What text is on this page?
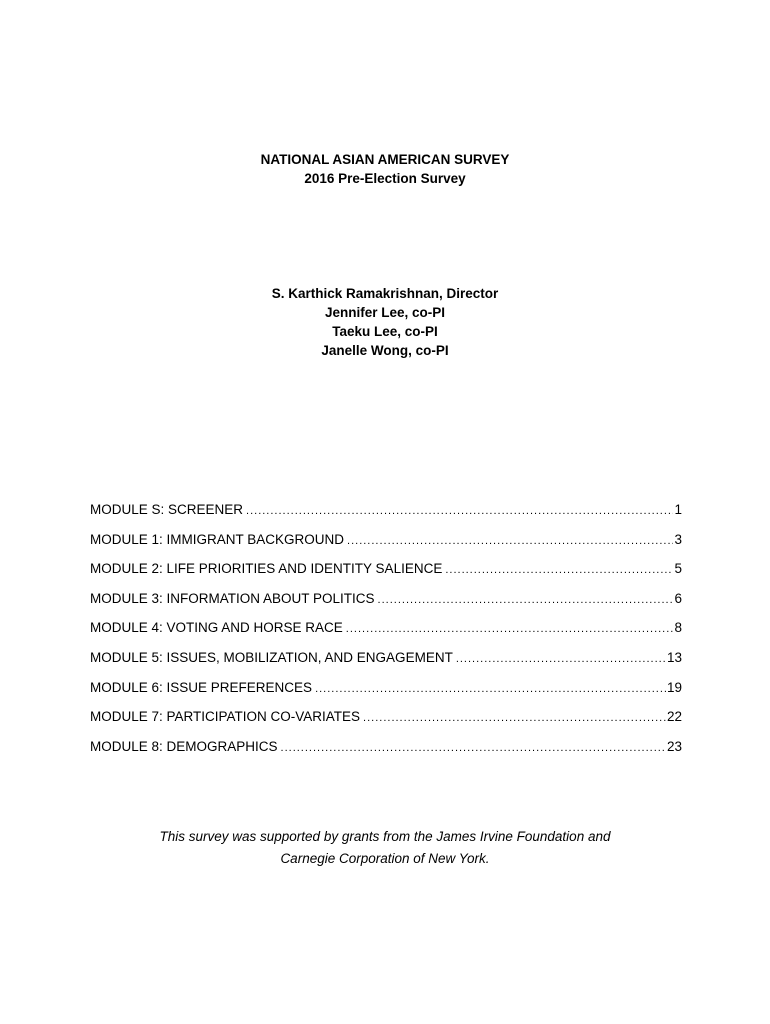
NATIONAL ASIAN AMERICAN SURVEY
2016 Pre-Election Survey
S. Karthick Ramakrishnan, Director
Jennifer Lee, co-PI
Taeku Lee, co-PI
Janelle Wong, co-PI
MODULE S: SCREENER .....	1
MODULE 1: IMMIGRANT BACKGROUND .....	3
MODULE 2: LIFE PRIORITIES AND IDENTITY SALIENCE .....	5
MODULE 3: INFORMATION ABOUT POLITICS .....	6
MODULE 4: VOTING AND HORSE RACE .....	8
MODULE 5: ISSUES, MOBILIZATION, AND ENGAGEMENT .....	13
MODULE 6: ISSUE PREFERENCES .....	19
MODULE 7: PARTICIPATION CO-VARIATES .....	22
MODULE 8: DEMOGRAPHICS .....	23
This survey was supported by grants from the James Irvine Foundation and
Carnegie Corporation of New York.
